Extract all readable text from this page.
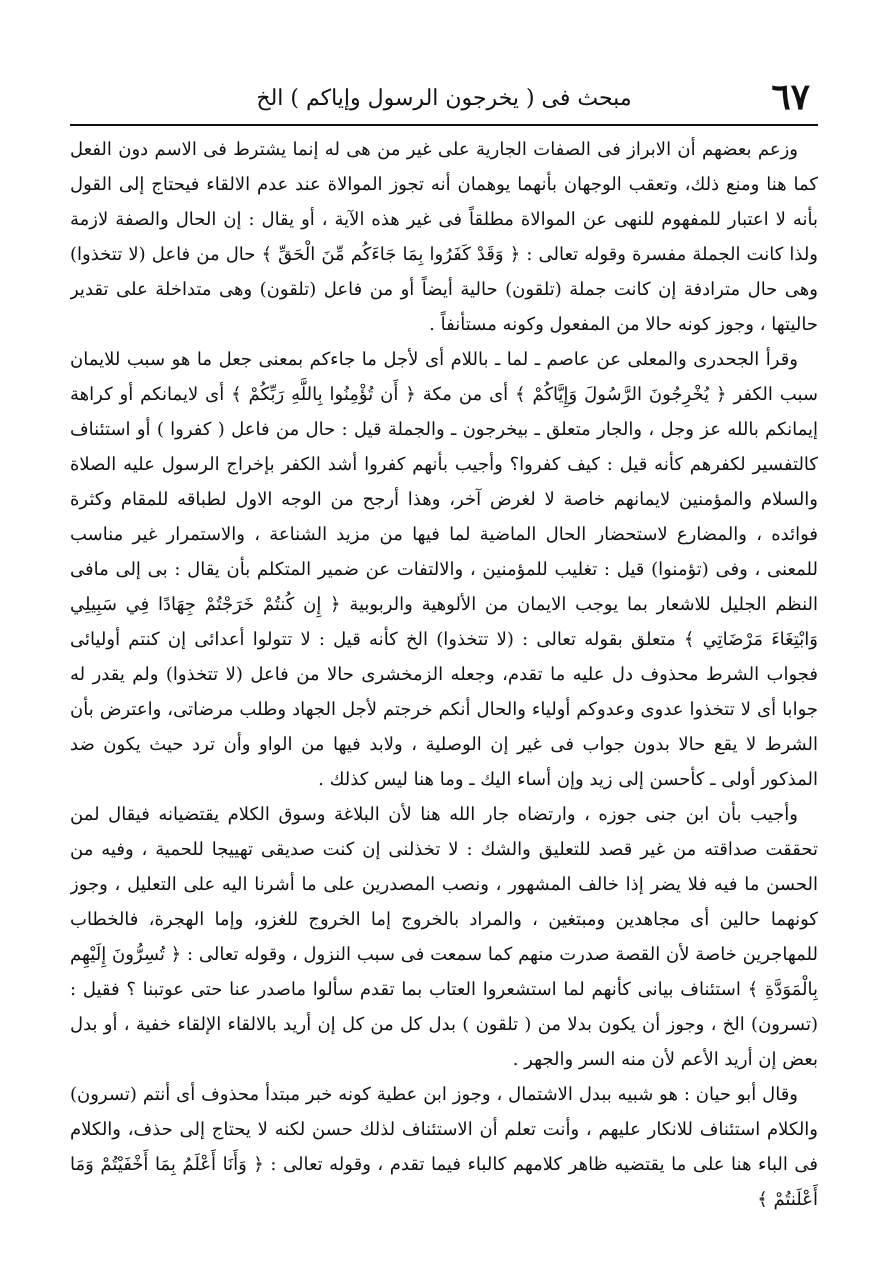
٦٧
مبحث فى ( يخرجون الرسول وإياكم ) الخ

وزعم بعضهم أن الابراز فى الصفات الجارية على غير من هى له إنما يشترط فى الاسم دون الفعل كما هنا ومنع ذلك، وتعقب الوجهان بأنهما يوهمان أنه تجوز الموالاة عند عدم الالقاء فيحتاج إلى القول بأنه لا اعتبار للمفهوم للنهى عن الموالاة مطلقاً فى غير هذه الآية ، أو يقال : إن الحال والصفة لازمة ولذا كانت الجملة مفسرة وقوله تعالى : ﴿ وَقَدْ كَفَرُوا بِمَا جَاءَكُم مِّنَ الْحَقِّ ﴾ حال من فاعل (لا تتخذوا) وهى حال مترادفة إن كانت جملة (تلقون) حالية أيضاً أو من فاعل (تلقون) وهى متداخلة على تقدير حاليتها ، وجوز كونه حالا من المفعول وكونه مستأنفاً .

وقرأ الجحدرى والمعلى عن عاصم ـ لما ـ باللام أى لأجل ما جاءكم بمعنى جعل ما هو سبب للايمان سبب الكفر ﴿ يُخْرِجُونَ الرَّسُولَ وَإِيَّاكُمْ ﴾ أى من مكة ﴿ أَن تُؤْمِنُوا بِاللَّهِ رَبِّكُمْ ﴾ أى لايمانكم أو كراهة إيمانكم بالله عز وجل ، والجار متعلق ـ بيخرجون ـ والجملة قيل : حال من فاعل ( كفروا ) أو استئناف كالتفسير لكفرهم كأنه قيل : كيف كفروا؟ وأجيب بأنهم كفروا أشد الكفر بإخراج الرسول عليه الصلاة والسلام والمؤمنين لايمانهم خاصة لا لغرض آخر، وهذا أرجح من الوجه الاول لطباقه للمقام وكثرة فوائده ، والمضارع لاستحضار الحال الماضية لما فيها من مزيد الشناعة ، والاستمرار غير مناسب للمعنى ، وفى (تؤمنوا) قيل : تغليب للمؤمنين ، والالتفات عن ضمير المتكلم بأن يقال : بى إلى مافى النظم الجليل للاشعار بما يوجب الايمان من الألوهية والربوبية ﴿ إِن كُنتُمْ خَرَجْتُمْ جِهَادًا فِي سَبِيلِي وَابْتِغَاءَ مَرْضَاتِي ﴾ متعلق بقوله تعالى : (لا تتخذوا) الخ كأنه قيل : لا تتولوا أعدائى إن كنتم أوليائى فجواب الشرط محذوف دل عليه ما تقدم، وجعله الزمخشرى حالا من فاعل (لا تتخذوا) ولم يقدر له جوابا أى لا تتخذوا عدوى وعدوكم أولياء والحال أنكم خرجتم لأجل الجهاد وطلب مرضاتى، واعترض بأن الشرط لا يقع حالا بدون جواب فى غير إن الوصلية ، ولابد فيها من الواو وأن ترد حيث يكون ضد المذكور أولى ـ كأحسن إلى زيد وإن أساء اليك ـ وما هنا ليس كذلك .

وأجيب بأن ابن جنى جوزه ، وارتضاه جار الله هنا لأن البلاغة وسوق الكلام يقتضيانه فيقال لمن تحققت صداقته من غير قصد للتعليق والشك : لا تخذلنى إن كنت صديقى تهييجا للحمية ، وفيه من الحسن ما فيه فلا يضر إذا خالف المشهور ، ونصب المصدرين على ما أشرنا اليه على التعليل ، وجوز كونهما حالين أى مجاهدين ومبتغين ، والمراد بالخروج إما الخروج للغزو، وإما الهجرة، فالخطاب للمهاجرين خاصة لأن القصة صدرت منهم كما سمعت فى سبب النزول ، وقوله تعالى : ﴿ تُسِرُّونَ إِلَيْهِم بِالْمَوَدَّةِ ﴾ استئناف بيانى كأنهم لما استشعروا العتاب بما تقدم سألوا ماصدر عنا حتى عوتبنا ؟ فقيل : (تسرون) الخ ، وجوز أن يكون بدلا من ( تلقون ) بدل كل من كل إن أريد بالالقاء الإلقاء خفية ، أو بدل بعض إن أريد الأعم لأن منه السر والجهر .

وقال أبو حيان : هو شبيه ببدل الاشتمال ، وجوز ابن عطية كونه خبر مبتدأ محذوف أى أنتم (تسرون) والكلام استئناف للانكار عليهم ، وأنت تعلم أن الاستئناف لذلك حسن لكنه لا يحتاج إلى حذف، والكلام فى الباء هنا على ما يقتضيه ظاهر كلامهم كالباء فيما تقدم ، وقوله تعالى : ﴿ وَأَنَا أَعْلَمُ بِمَا أَخْفَيْتُمْ وَمَا أَعْلَنتُمْ ﴾
